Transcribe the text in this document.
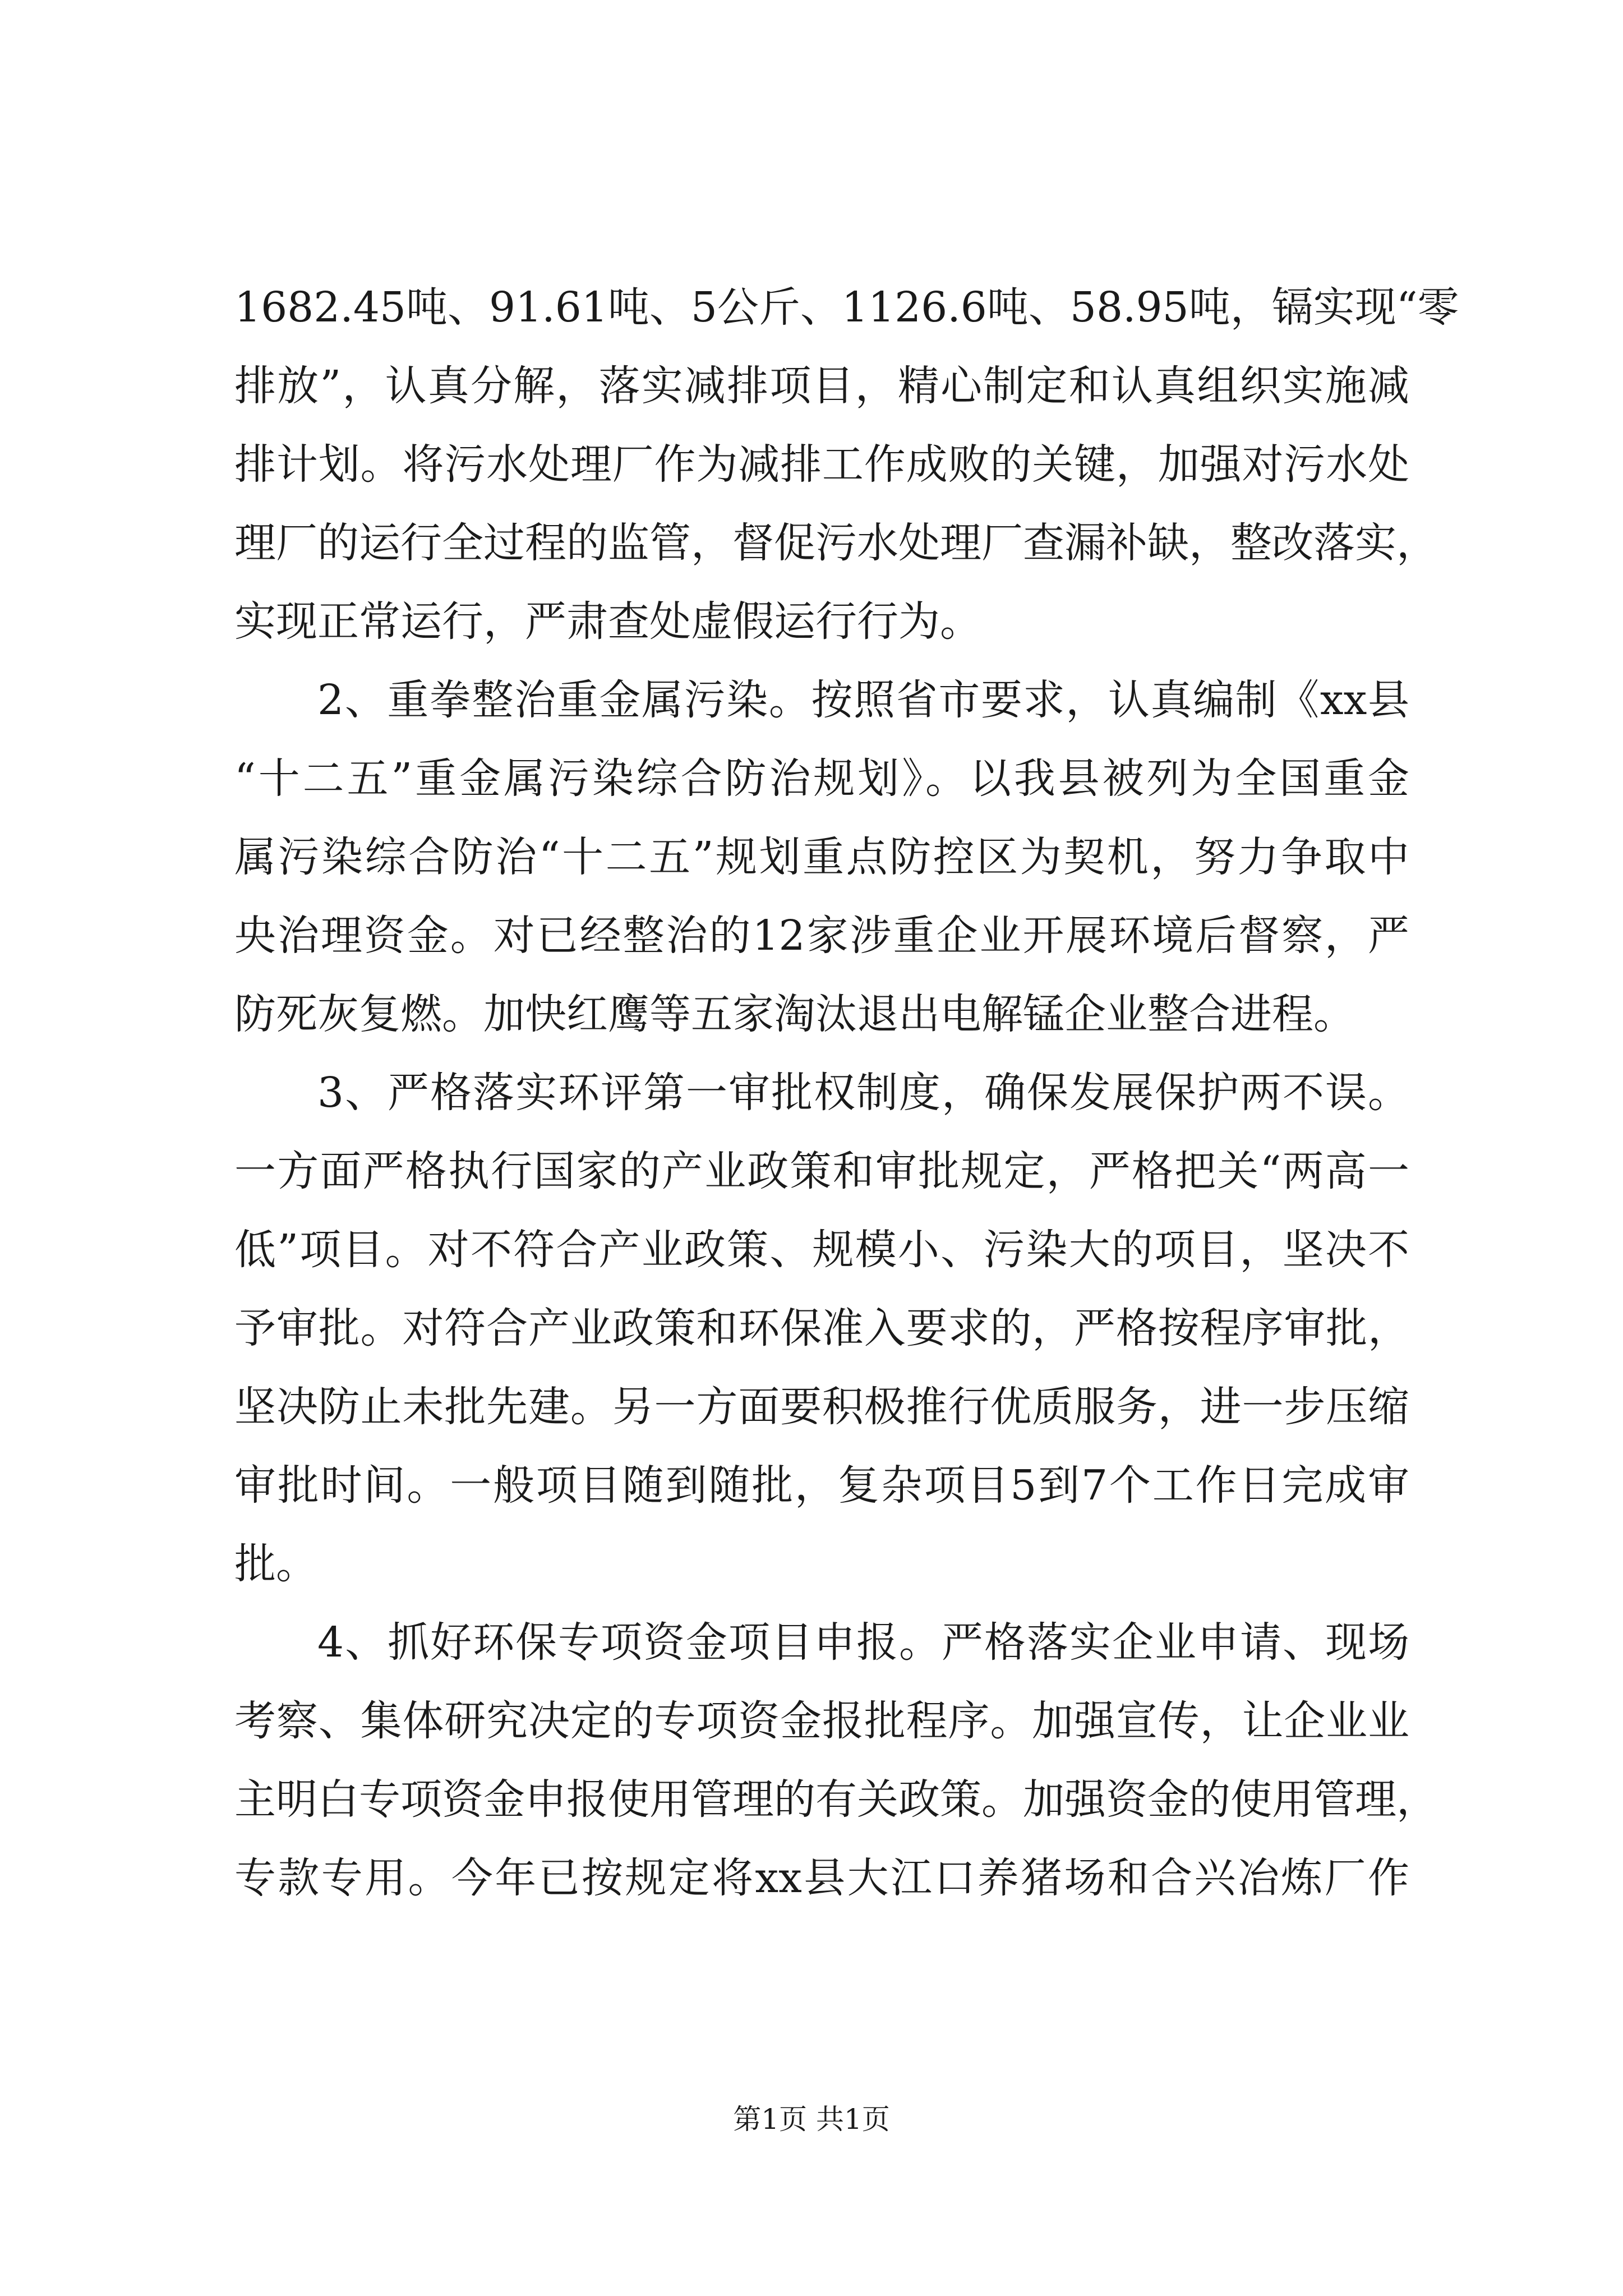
1682.45吨、91.61吨、5公斤、1126.6吨、58.95吨，镉实现“零
排放”，认真分解，落实减排项目，精心制定和认真组织实施减
排计划。将污水处理厂作为减排工作成败的关键，加强对污水处
理厂的运行全过程的监管，督促污水处理厂查漏补缺，整改落实，
实现正常运行，严肃查处虚假运行行为。
2、重拳整治重金属污染。按照省市要求，认真编制《xx县
“十二五”重金属污染综合防治规划》。以我县被列为全国重金
属污染综合防治“十二五”规划重点防控区为契机，努力争取中
央治理资金。对已经整治的12家涉重企业开展环境后督察，严
防死灰复燃。加快红鹰等五家淘汰退出电解锰企业整合进程。
3、严格落实环评第一审批权制度，确保发展保护两不误。
一方面严格执行国家的产业政策和审批规定，严格把关“两高一
低”项目。对不符合产业政策、规模小、污染大的项目，坚决不
予审批。对符合产业政策和环保准入要求的，严格按程序审批，
坚决防止未批先建。另一方面要积极推行优质服务，进一步压缩
审批时间。一般项目随到随批，复杂项目5到7个工作日完成审
批。
4、抓好环保专项资金项目申报。严格落实企业申请、现场
考察、集体研究决定的专项资金报批程序。加强宣传，让企业业
主明白专项资金申报使用管理的有关政策。加强资金的使用管理，
专款专用。今年已按规定将xx县大江口养猪场和合兴冶炼厂作
第1页 共1页
